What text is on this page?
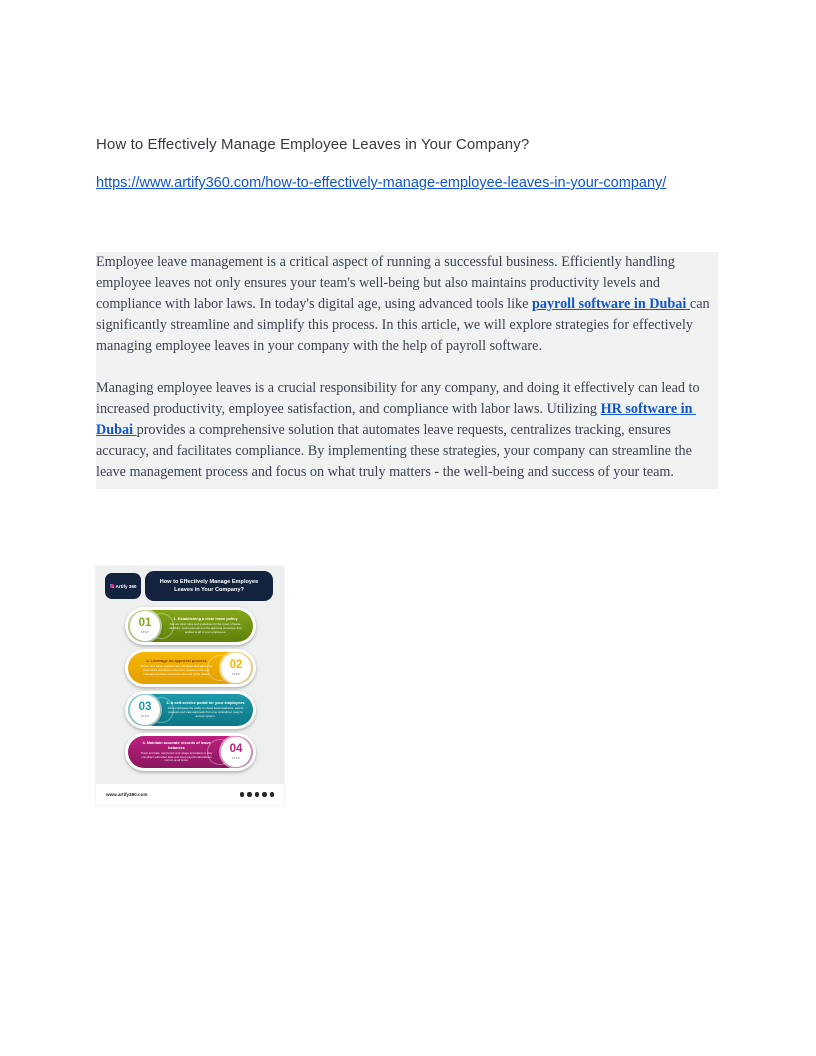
How to Effectively Manage Employee Leaves in Your Company?
https://www.artify360.com/how-to-effectively-manage-employee-leaves-in-your-company/

Employee leave management is a critical aspect of running a successful business. Efficiently handling employee leaves not only ensures your team's well-being but also maintains productivity levels and compliance with labor laws. In today's digital age, using advanced tools like payroll software in Dubai can significantly streamline and simplify this process. In this article, we will explore strategies for effectively managing employee leaves in your company with the help of payroll software.

Managing employee leaves is a crucial responsibility for any company, and doing it effectively can lead to increased productivity, employee satisfaction, and compliance with labor laws. Utilizing HR software in Dubai provides a comprehensive solution that automates leave requests, centralizes tracking, ensures accuracy, and facilitates compliance. By implementing these strategies, your company can streamline the leave management process and focus on what truly matters - the well-being and success of your team.

Artify 360
How to Effectively Manage Employee Leaves in Your Company?
01
STEP
1. Establishing a clear leave policy
Set out clear rules and guidelines for the types of leave, eligibility, notice periods and the approval procedure that applies to all of your employees.
02
STEP
2. Leverage an approval process
Define how leave requests are submitted and approved. Automated workflows route each request to the right manager and keep everyone informed of the status.
03
STEP
3. A self-service portal for your employees
Give employees the ability to check leave balances, submit requests and view approvals from one centralized, easy to access system.
04
STEP
4. Maintain accurate records of leave balances
Track accruals, carryovers and usage accurately to stay compliant with labor laws and keep payroll calculations correct at all times.
www.artify360.com
